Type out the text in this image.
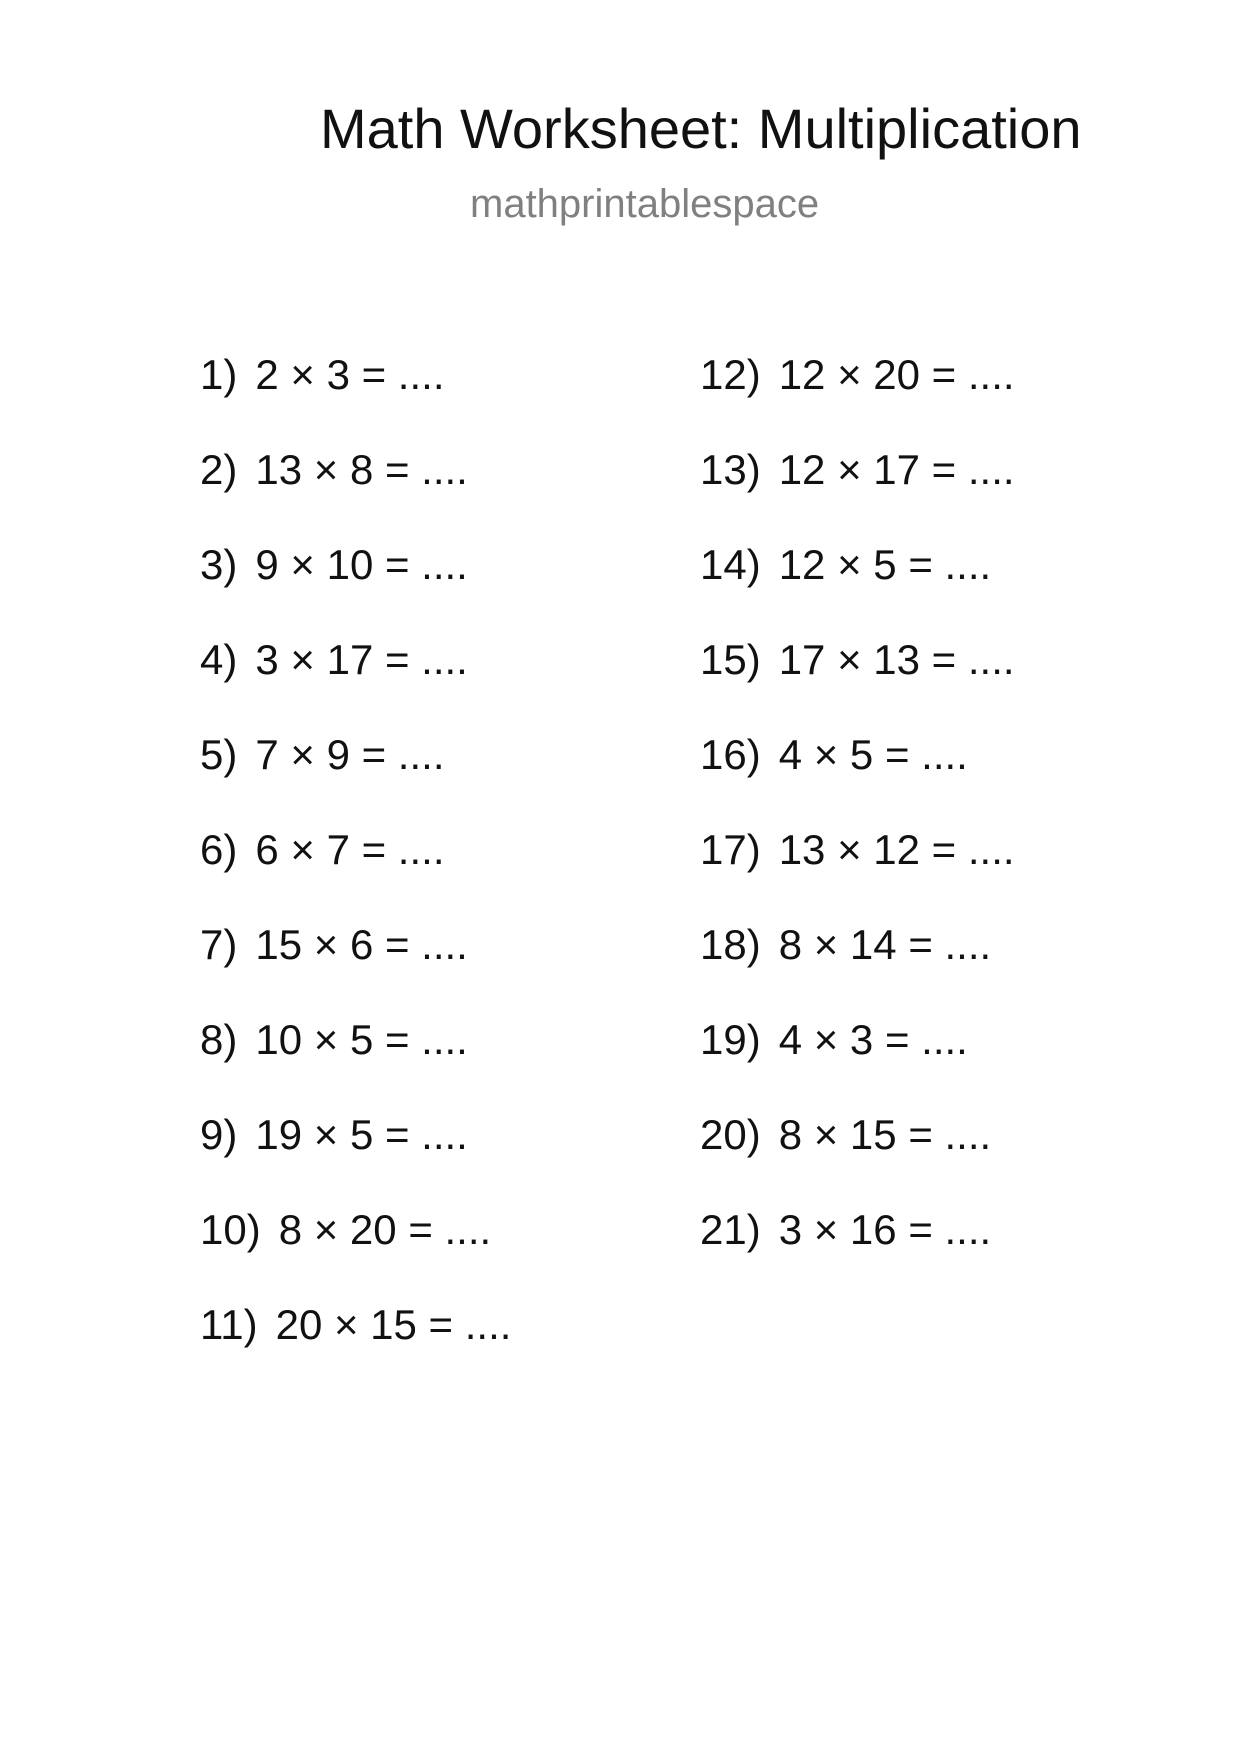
Math Worksheet: Multiplication
mathprintablespace
1) 2 × 3 = ....
2) 13 × 8 = ....
3) 9 × 10 = ....
4) 3 × 17 = ....
5) 7 × 9 = ....
6) 6 × 7 = ....
7) 15 × 6 = ....
8) 10 × 5 = ....
9) 19 × 5 = ....
10) 8 × 20 = ....
11) 20 × 15 = ....
12) 12 × 20 = ....
13) 12 × 17 = ....
14) 12 × 5 = ....
15) 17 × 13 = ....
16) 4 × 5 = ....
17) 13 × 12 = ....
18) 8 × 14 = ....
19) 4 × 3 = ....
20) 8 × 15 = ....
21) 3 × 16 = ....
